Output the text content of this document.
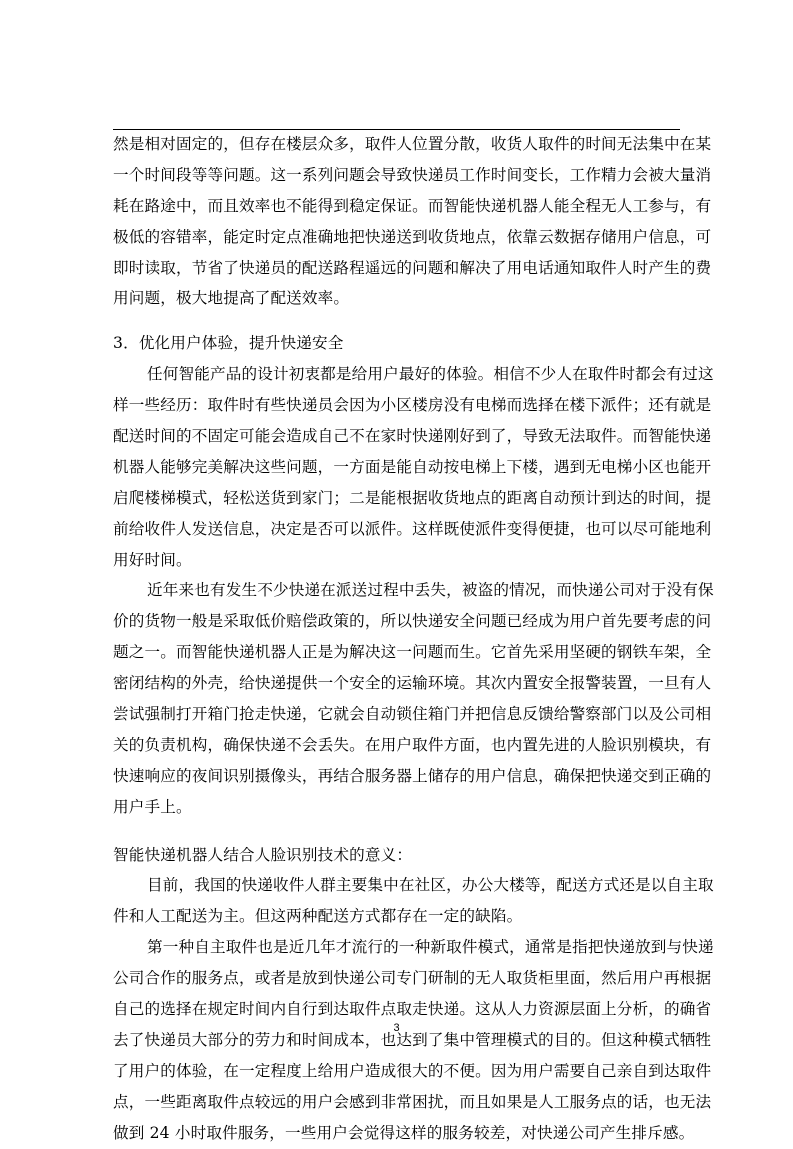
然是相对固定的，但存在楼层众多，取件人位置分散，收货人取件的时间无法集中在某
一个时间段等等问题。这一系列问题会导致快递员工作时间变长，工作精力会被大量消
耗在路途中，而且效率也不能得到稳定保证。而智能快递机器人能全程无人工参与，有
极低的容错率，能定时定点准确地把快递送到收货地点，依靠云数据存储用户信息，可
即时读取，节省了快递员的配送路程遥远的问题和解决了用电话通知取件人时产生的费
用问题，极大地提高了配送效率。
3．优化用户体验，提升快递安全
任何智能产品的设计初衷都是给用户最好的体验。相信不少人在取件时都会有过这
样一些经历：取件时有些快递员会因为小区楼房没有电梯而选择在楼下派件；还有就是
配送时间的不固定可能会造成自己不在家时快递刚好到了，导致无法取件。而智能快递
机器人能够完美解决这些问题，一方面是能自动按电梯上下楼，遇到无电梯小区也能开
启爬楼梯模式，轻松送货到家门；二是能根据收货地点的距离自动预计到达的时间，提
前给收件人发送信息，决定是否可以派件。这样既使派件变得便捷，也可以尽可能地利
用好时间。
近年来也有发生不少快递在派送过程中丢失，被盗的情况，而快递公司对于没有保
价的货物一般是采取低价赔偿政策的，所以快递安全问题已经成为用户首先要考虑的问
题之一。而智能快递机器人正是为解决这一问题而生。它首先采用坚硬的钢铁车架，全
密闭结构的外壳，给快递提供一个安全的运输环境。其次内置安全报警装置，一旦有人
尝试强制打开箱门抢走快递，它就会自动锁住箱门并把信息反馈给警察部门以及公司相
关的负责机构，确保快递不会丢失。在用户取件方面，也内置先进的人脸识别模块，有
快速响应的夜间识别摄像头，再结合服务器上储存的用户信息，确保把快递交到正确的
用户手上。
智能快递机器人结合人脸识别技术的意义：
目前，我国的快递收件人群主要集中在社区，办公大楼等，配送方式还是以自主取
件和人工配送为主。但这两种配送方式都存在一定的缺陷。
第一种自主取件也是近几年才流行的一种新取件模式，通常是指把快递放到与快递
公司合作的服务点，或者是放到快递公司专门研制的无人取货柜里面，然后用户再根据
自己的选择在规定时间内自行到达取件点取走快递。这从人力资源层面上分析，的确省
去了快递员大部分的劳力和时间成本，也达到了集中管理模式的目的。但这种模式牺牲
了用户的体验，在一定程度上给用户造成很大的不便。因为用户需要自己亲自到达取件
点，一些距离取件点较远的用户会感到非常困扰，而且如果是人工服务点的话，也无法
做到 24 小时取件服务，一些用户会觉得这样的服务较差，对快递公司产生排斥感。
3
